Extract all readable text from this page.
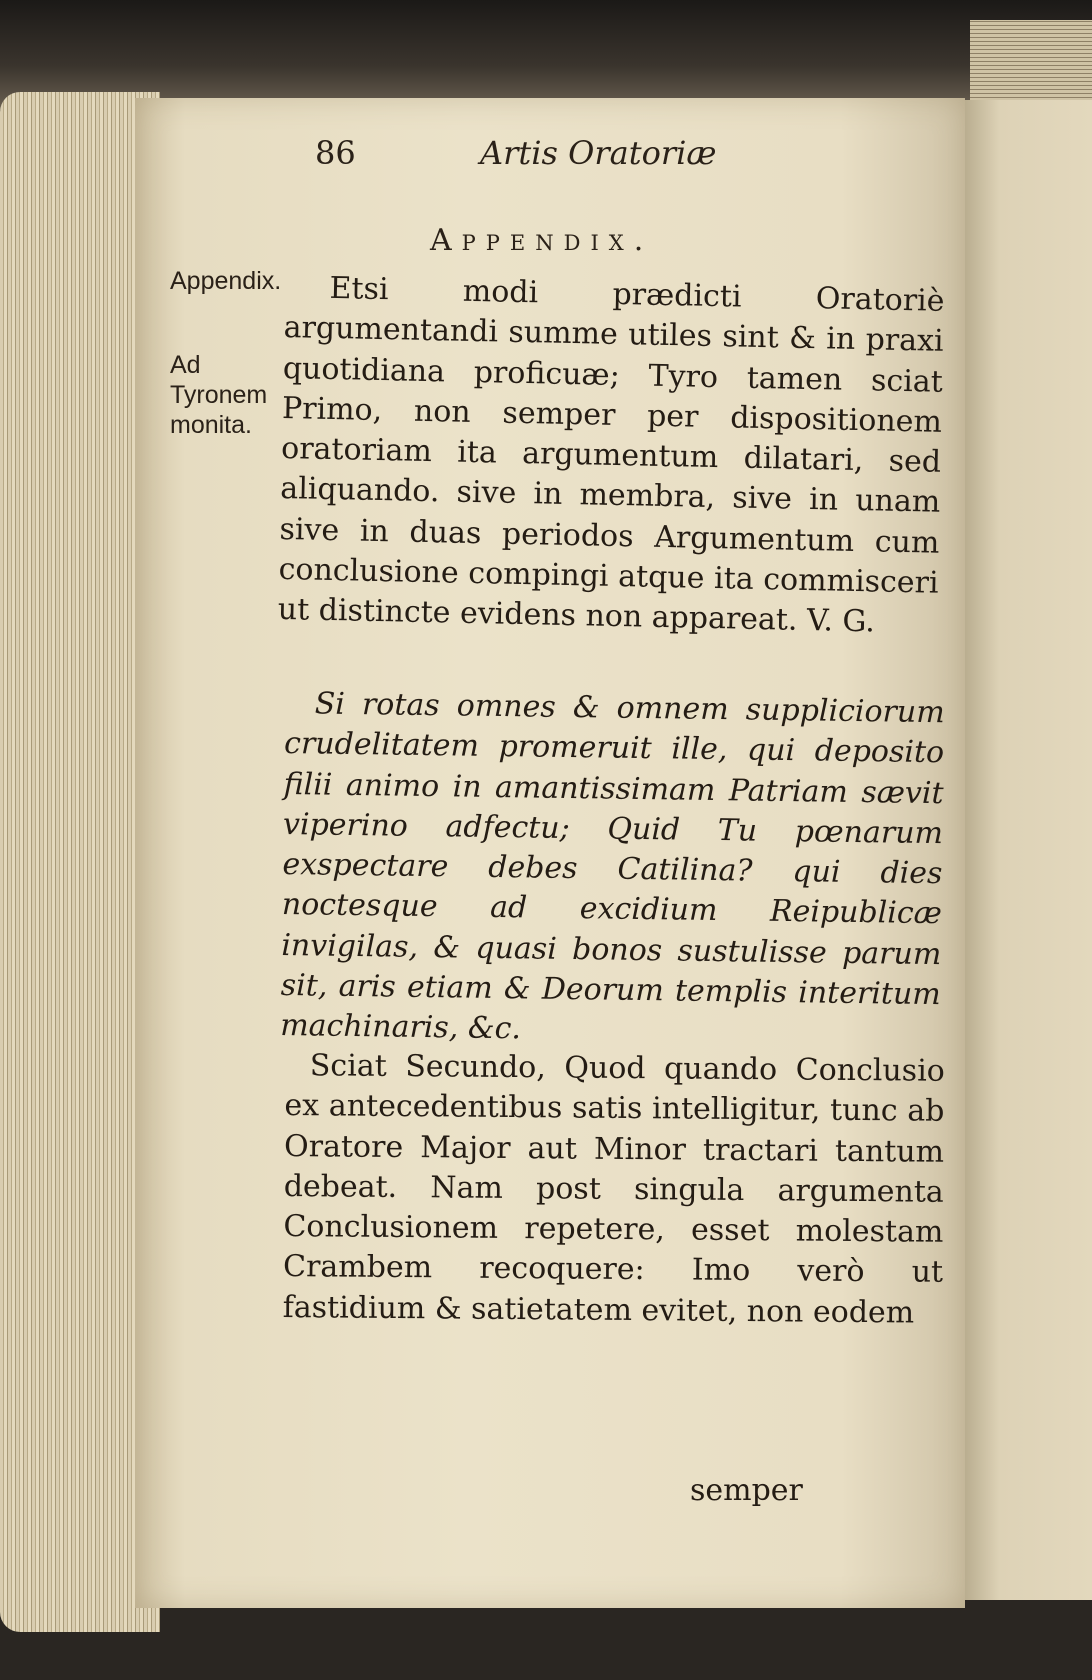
86	Artis Oratoriæ
Appendix.
Appendix.
Ad Tyronem monita.
Etsi modi prædicti Oratoriè argumentandi summe utiles sint & in praxi quotidiana proficuæ; Tyro tamen sciat Primo, non semper per dispositionem oratoriam ita argumentum dilatari, sed aliquando. sive in membra, sive in unam sive in duas periodos Argumentum cum conclusione compingi atque ita commisceri ut distincte evidens non appareat. V. G.
Si rotas omnes & omnem suppliciorum crudelitatem promeruit ille, qui deposito filii animo in amantissimam Patriam sævit viperino adfectu; Quid Tu pœnarum exspectare debes Catilina? qui dies noctesque ad excidium Reipublicæ invigilas, & quasi bonos sustulisse parum sit, aris etiam & Deorum templis interitum machinaris, &c.
Sciat Secundo, Quod quando Conclusio ex antecedentibus satis intelligitur, tunc ab Oratore Major aut Minor tractari tantum debeat. Nam post singula argumenta Conclusionem repetere, esset molestam Crambem recoquere: Imo verò ut fastidium & satietatem evitet, non eodem
semper
